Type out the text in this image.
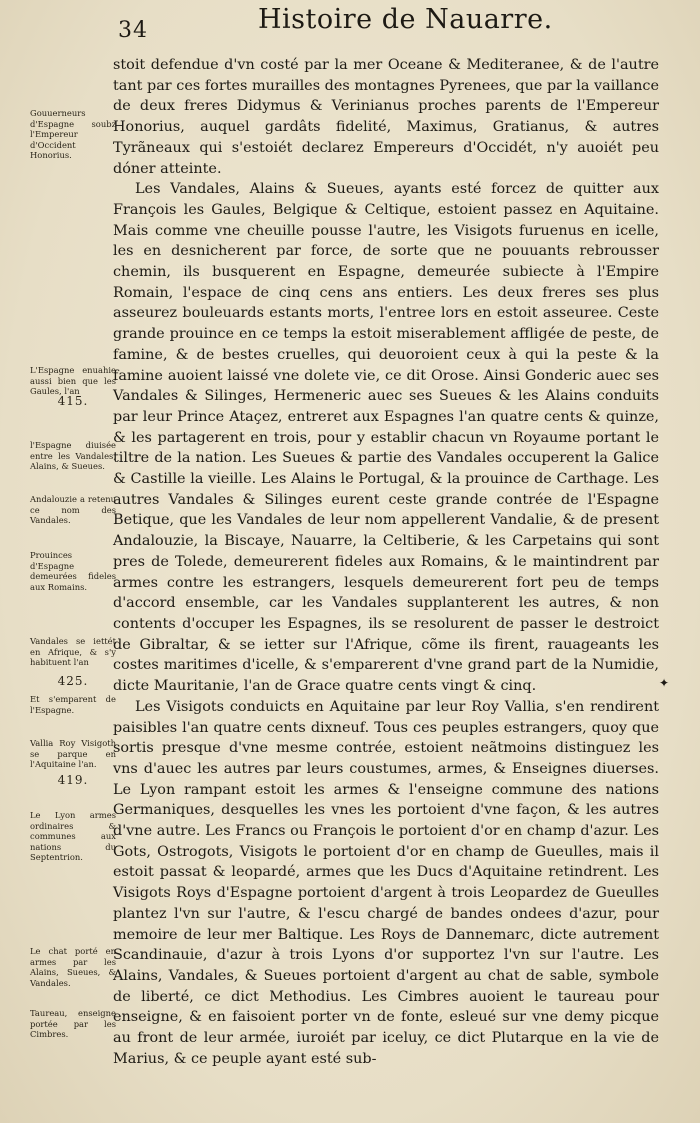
34	Histoire de Nauarre.

stoit defendue d'vn costé par la mer Oceane & Mediteranee, & de l'autre tant par ces fortes murailles des montagnes Pyrenees, que par la vaillance de deux freres Didymus & Verinianus proches parents de l'Empereur Honorius, auquel gardâts fidelité, Maximus, Gratianus, & autres Tyrãneaux qui s'estoiét declarez Empereurs d'Occidét, n'y auoiét peu dóner atteinte.

Les Vandales, Alains & Sueues, ayants esté forcez de quitter aux François les Gaules, Belgique & Celtique, estoient passez en Aquitaine. Mais comme vne cheuille pousse l'autre, les Visigots furuenus en icelle, les en desnicherent par force, de sorte que ne pouuants rebrousser chemin, ils busquerent en Espagne, demeurée subiecte à l'Empire Romain, l'espace de cinq cens ans entiers. Les deux freres ses plus asseurez bouleuards estants morts, l'entree lors en estoit asseuree. Ceste grande prouince en ce temps la estoit miserablement affligée de peste, de famine, & de bestes cruelles, qui deuoroient ceux à qui la peste & la famine auoient laissé vne dolete vie, ce dit Orose. Ainsi Gonderic auec ses Vandales & Silinges, Hermeneric auec ses Sueues & les Alains conduits par leur Prince Ataçez, entreret aux Espagnes l'an quatre cents & quinze, & les partagerent en trois, pour y establir chacun vn Royaume portant le tiltre de la nation. Les Sueues & partie des Vandales occuperent la Galice & Castille la vieille. Les Alains le Portugal, & la prouince de Carthage. Les autres Vandales & Silinges eurent ceste grande contrée de l'Espagne Betique, que les Vandales de leur nom appellerent Vandalie, & de present Andalouzie, la Biscaye, Nauarre, la Celtiberie, & les Carpetains qui sont pres de Tolede, demeurerent fideles aux Romains, & le maintindrent par armes contre les estrangers, lesquels demeurerent fort peu de temps d'accord ensemble, car les Vandales supplanterent les autres, & non contents d'occuper les Espagnes, ils se resolurent de passer le destroict de Gibraltar, & se ietter sur l'Afrique, cõme ils firent, rauageants les costes maritimes d'icelle, & s'emparerent d'vne grand part de la Numidie, dicte Mauritanie, l'an de Grace quatre cents vingt & cinq.

Les Visigots conduicts en Aquitaine par leur Roy Vallia, s'en rendirent paisibles l'an quatre cents dixneuf. Tous ces peuples estrangers, quoy que sortis presque d'vne mesme contrée, estoient neãtmoins distinguez les vns d'auec les autres par leurs coustumes, armes, & Enseignes diuerses. Le Lyon rampant estoit les armes & l'enseigne commune des nations Germaniques, desquelles les vnes les portoient d'vne façon, & les autres d'vne autre. Les Francs ou François le portoient d'or en champ d'azur. Les Gots, Ostrogots, Visigots le portoient d'or en champ de Gueulles, mais il estoit passat & leopardé, armes que les Ducs d'Aquitaine retindrent. Les Visigots Roys d'Espagne portoient d'argent à trois Leopardez de Gueulles plantez l'vn sur l'autre, & l'escu chargé de bandes ondees d'azur, pour memoire de leur mer Baltique. Les Roys de Dannemarc, dicte autrement Scandinauie, d'azur à trois Lyons d'or supportez l'vn sur l'autre. Les Alains, Vandales, & Sueues portoient d'argent au chat de sable, symbole de liberté, ce dict Methodius. Les Cimbres auoient le taureau pour enseigne, & en faisoient porter vn de fonte, esleué sur vne demy picque au front de leur armée, iuroiét par iceluy, ce dict Plutarque en la vie de Marius, & ce peuple ayant esté sub-

Gouuerneurs d'Espagne soubz l'Empereur d'Occident Honorius.
L'Espagne enuahie aussi bien que les Gaules, l'an
415.
l'Espagne diuisée entre les Vandales, Alains, & Sueues.
Andalouzie a retenu ce nom des Vandales.
Prouinces d'Espagne demeurées fideles aux Romains.
Vandales se iettét en Afrique, & s'y habituent l'an
425.
Et s'emparent de l'Espagne.
Vallia Roy Visigoth se parque en l'Aquitaine l'an.
419.
Le Lyon armes ordinaires & communes aux nations du Septentrion.
Le chat porté en armes par les Alains, Sueues, & Vandales.
Taureau, enseigne portée par les Cimbres.
✦
